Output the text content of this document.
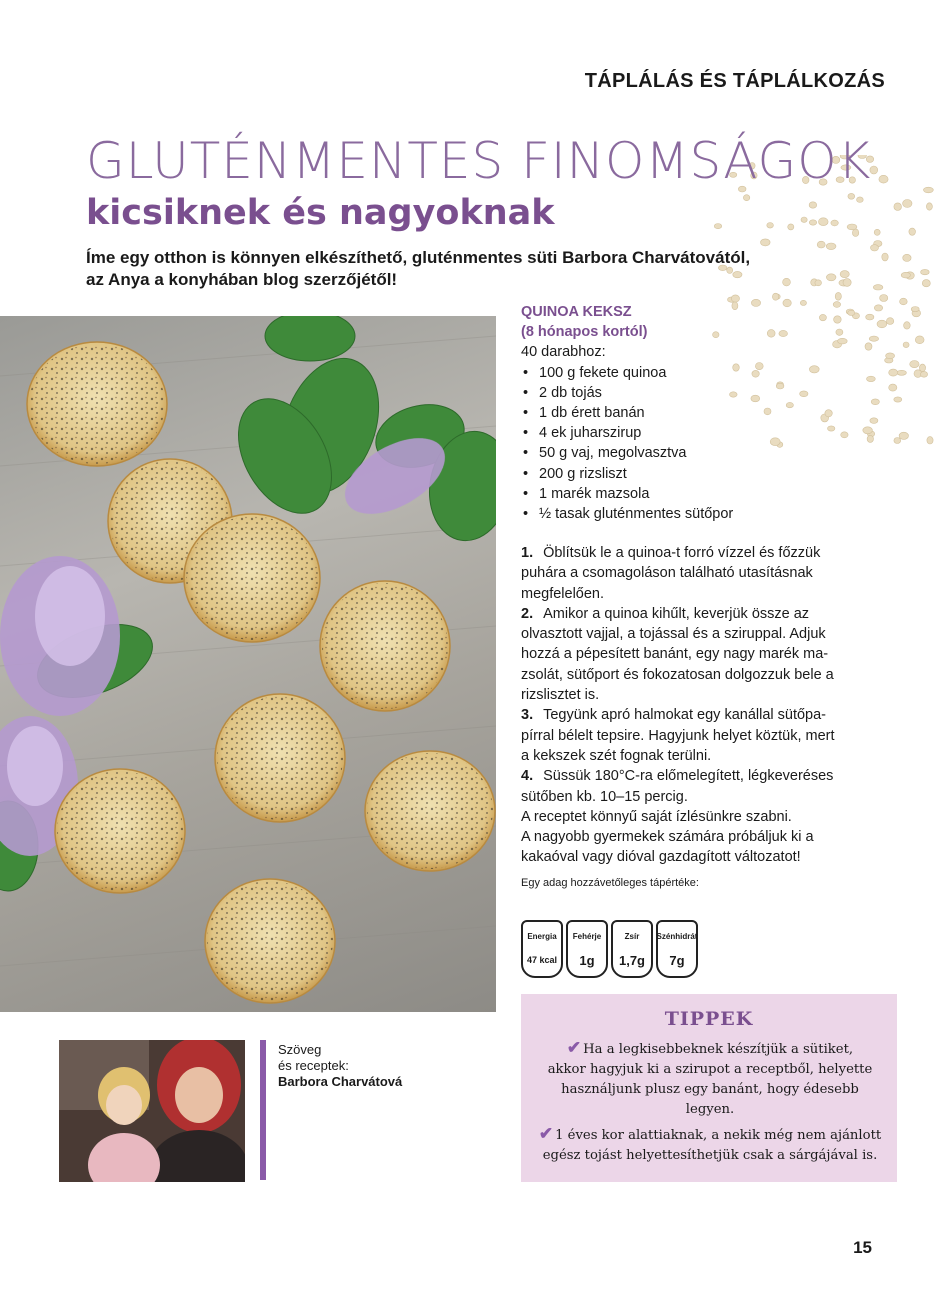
TÁPLÁLÁS ÉS TÁPLÁLKOZÁS
GLUTÉNMENTES FINOMSÁGOK
kicsiknek és nagyoknak
Íme egy otthon is könnyen elkészíthető, gluténmentes süti Barbora Charvátovától,
az Anya a konyhában blog szerzőjétől!
QUINOA KEKSZ
(8 hónapos kortól)
40 darabhoz:
• 100 g fekete quinoa
• 2 db tojás
• 1 db érett banán
• 4 ek juharszirup
• 50 g vaj, megolvasztva
• 200 g rizsliszt
• 1 marék mazsola
• ½ tasak gluténmentes sütőpor

1. Öblítsük le a quinoa-t forró vízzel és főzzük

puhára a csomagoláson található utasításnak

megfelelően.

2. Amikor a quinoa kihűlt, keverjük össze az

olvasztott vajjal, a tojással és a sziruppal. Adjuk

hozzá a pépesített banánt, egy nagy marék ma-

zsolát, sütőport és fokozatosan dolgozzuk bele a

rizslisztet is.

3. Tegyünk apró halmokat egy kanállal sütőpa-

pírral bélelt tepsire. Hagyjunk helyet köztük, mert

a kekszek szét fognak terülni.

4. Süssük 180°C-ra előmelegített, légkeveréses

sütőben kb. 10–15 percig.

A receptet könnyű saját ízlésünkre szabni.

A nagyobb gyermekek számára próbáljuk ki a

kakaóval vagy dióval gazdagított változatot!

Egy adag hozzávetőleges tápértéke:
Energia
47 kcal
Fehérje
1g
Zsír
1,7g
Szénhidrát
7g
TIPPEK
✔ Ha a legkisebbeknek készítjük a sütiket,
akkor hagyjuk ki a szirupot a receptből, helyette
használjunk plusz egy banánt, hogy édesebb
legyen.
✔ 1 éves kor alattiaknak, a nekik még nem ajánlott
egész tojást helyettesíthetjük csak a sárgájával is.
Szöveg
és receptek:
Barbora Charvátová
15
